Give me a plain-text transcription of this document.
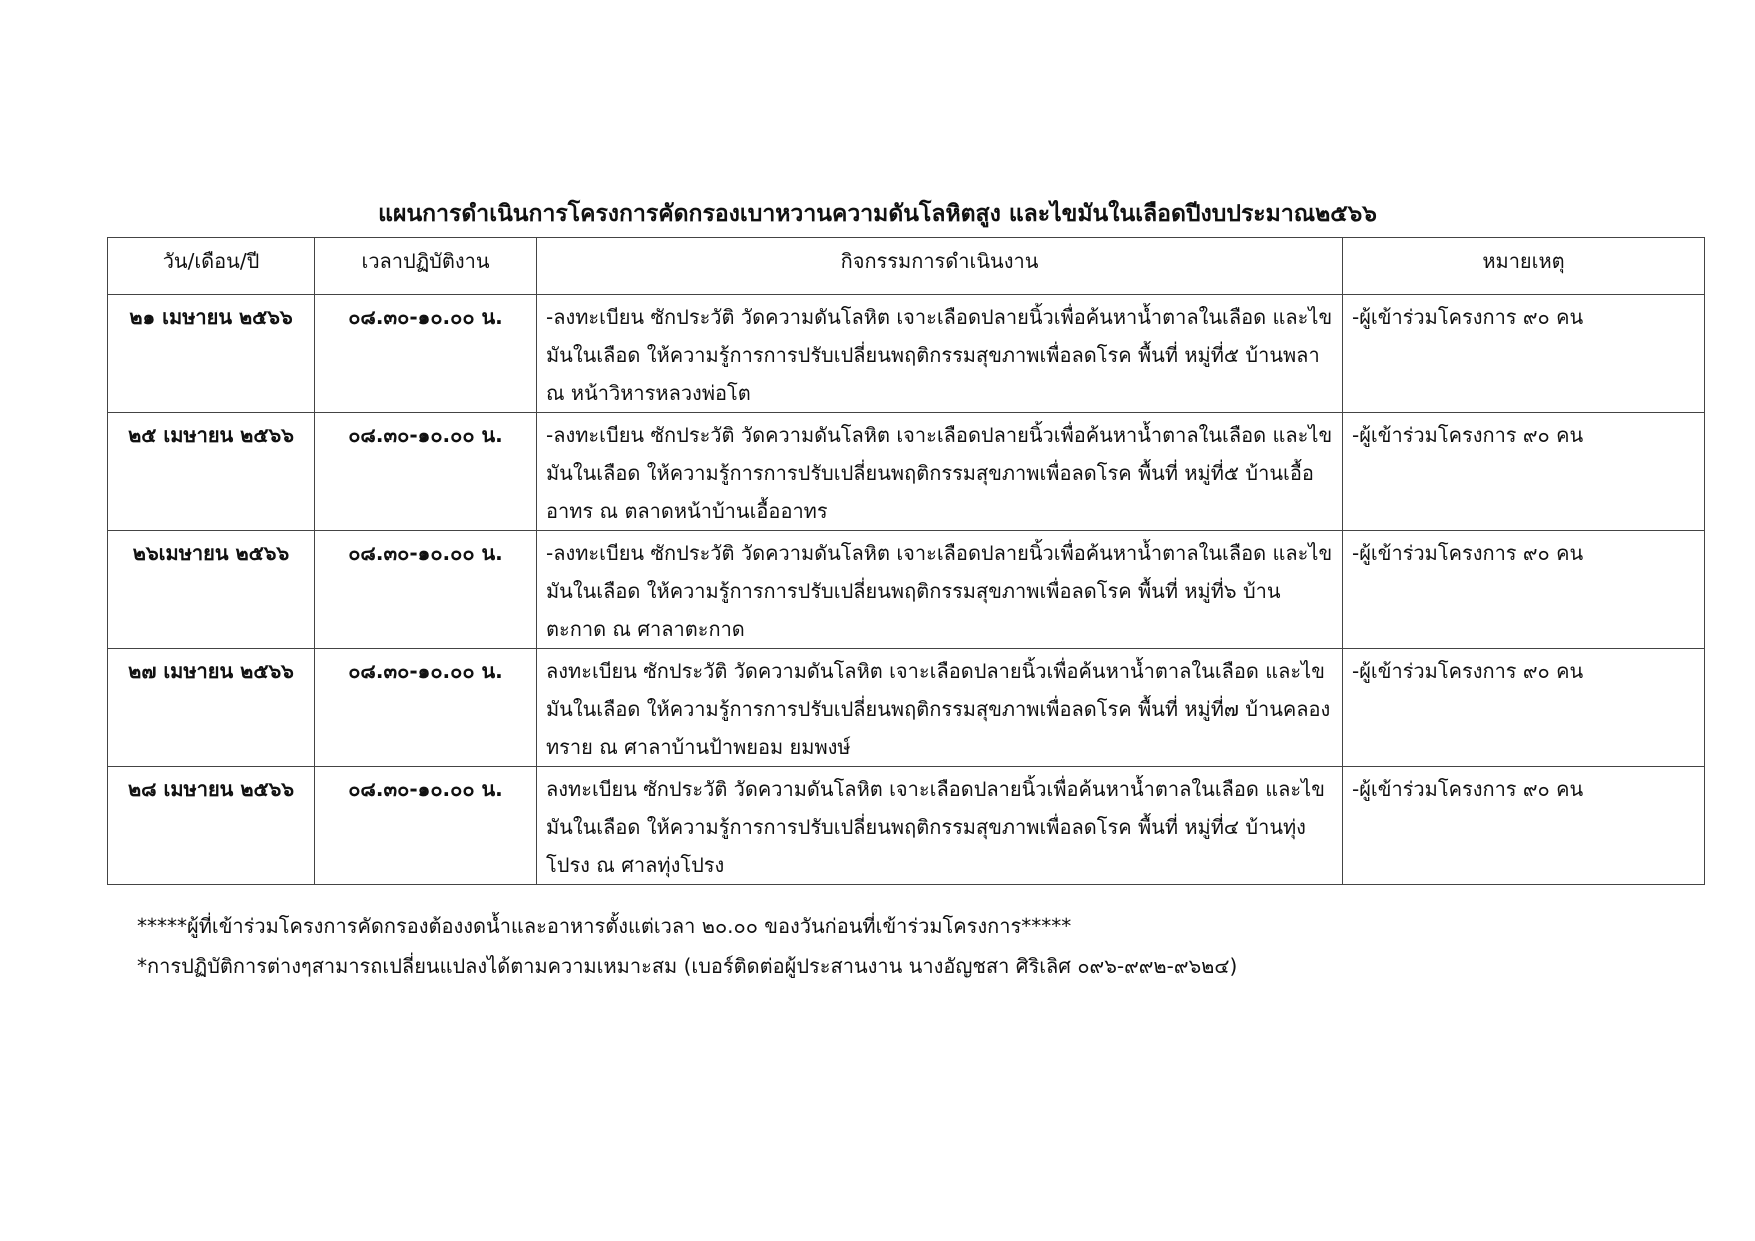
แผนการดำเนินการโครงการคัดกรองเบาหวานความดันโลหิตสูง และไขมันในเลือดปีงบประมาณ๒๕๖๖
วัน/เดือน/ปี	เวลาปฏิบัติงาน	กิจกรรมการดำเนินงาน	หมายเหตุ
๒๑ เมษายน ๒๕๖๖	๐๘.๓๐-๑๐.๐๐ น.	-ลงทะเบียน ซักประวัติ วัดความดันโลหิต เจาะเลือดปลายนิ้วเพื่อค้นหาน้ำตาลในเลือด และไขมันในเลือด ให้ความรู้การการปรับเปลี่ยนพฤติกรรมสุขภาพเพื่อลดโรค พื้นที่ หมู่ที่๕ บ้านพลา ณ หน้าวิหารหลวงพ่อโต	-ผู้เข้าร่วมโครงการ ๙๐ คน
๒๕ เมษายน ๒๕๖๖	๐๘.๓๐-๑๐.๐๐ น.	-ลงทะเบียน ซักประวัติ วัดความดันโลหิต เจาะเลือดปลายนิ้วเพื่อค้นหาน้ำตาลในเลือด และไขมันในเลือด ให้ความรู้การการปรับเปลี่ยนพฤติกรรมสุขภาพเพื่อลดโรค พื้นที่ หมู่ที่๕ บ้านเอื้ออาทร ณ ตลาดหน้าบ้านเอื้ออาทร	-ผู้เข้าร่วมโครงการ ๙๐ คน
๒๖เมษายน ๒๕๖๖	๐๘.๓๐-๑๐.๐๐ น.	-ลงทะเบียน ซักประวัติ วัดความดันโลหิต เจาะเลือดปลายนิ้วเพื่อค้นหาน้ำตาลในเลือด และไขมันในเลือด ให้ความรู้การการปรับเปลี่ยนพฤติกรรมสุขภาพเพื่อลดโรค พื้นที่ หมู่ที่๖ บ้านตะกาด ณ ศาลาตะกาด	-ผู้เข้าร่วมโครงการ ๙๐ คน
๒๗ เมษายน ๒๕๖๖	๐๘.๓๐-๑๐.๐๐ น.	ลงทะเบียน ซักประวัติ วัดความดันโลหิต เจาะเลือดปลายนิ้วเพื่อค้นหาน้ำตาลในเลือด และไขมันในเลือด ให้ความรู้การการปรับเปลี่ยนพฤติกรรมสุขภาพเพื่อลดโรค พื้นที่ หมู่ที่๗ บ้านคลองทราย ณ ศาลาบ้านป้าพยอม ยมพงษ์	-ผู้เข้าร่วมโครงการ ๙๐ คน
๒๘ เมษายน ๒๕๖๖	๐๘.๓๐-๑๐.๐๐ น.	ลงทะเบียน ซักประวัติ วัดความดันโลหิต เจาะเลือดปลายนิ้วเพื่อค้นหาน้ำตาลในเลือด และไขมันในเลือด ให้ความรู้การการปรับเปลี่ยนพฤติกรรมสุขภาพเพื่อลดโรค พื้นที่ หมู่ที่๔ บ้านทุ่งโปรง ณ ศาลทุ่งโปรง	-ผู้เข้าร่วมโครงการ ๙๐ คน

*****ผู้ที่เข้าร่วมโครงการคัดกรองต้องงดน้ำและอาหารตั้งแต่เวลา ๒๐.๐๐ ของวันก่อนที่เข้าร่วมโครงการ*****

*การปฏิบัติการต่างๆสามารถเปลี่ยนแปลงได้ตามความเหมาะสม (เบอร์ติดต่อผู้ประสานงาน นางอัญชสา ศิริเลิศ ๐๙๖-๙๙๒-๙๖๒๔)
